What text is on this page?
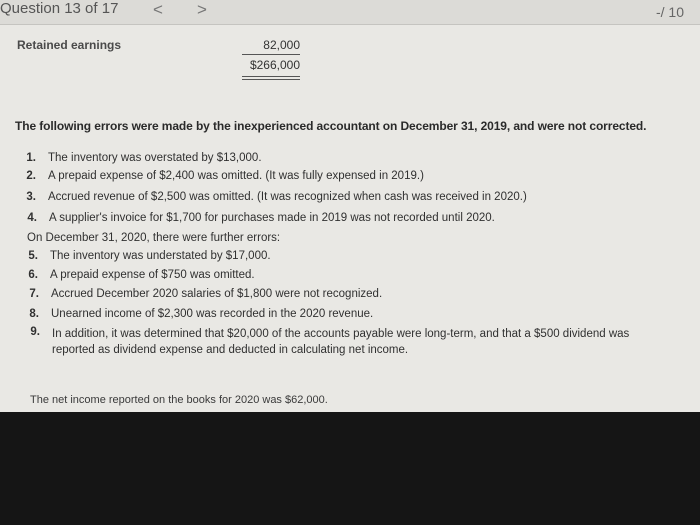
Question 13 of 17 < >	-/ 10
Retained earnings	82,000
$266,000
The following errors were made by the inexperienced accountant on December 31, 2019, and were not corrected.
1. The inventory was overstated by $13,000.
2. A prepaid expense of $2,400 was omitted. (It was fully expensed in 2019.)
3. Accrued revenue of $2,500 was omitted. (It was recognized when cash was received in 2020.)
4. A supplier's invoice for $1,700 for purchases made in 2019 was not recorded until 2020.
On December 31, 2020, there were further errors:
5. The inventory was understated by $17,000.
6. A prepaid expense of $750 was omitted.
7. Accrued December 2020 salaries of $1,800 were not recognized.
8. Unearned income of $2,300 was recorded in the 2020 revenue.
9. In addition, it was determined that $20,000 of the accounts payable were long-term, and that a $500 dividend was reported as dividend expense and deducted in calculating net income.
The net income reported on the books for 2020 was $62,000.
